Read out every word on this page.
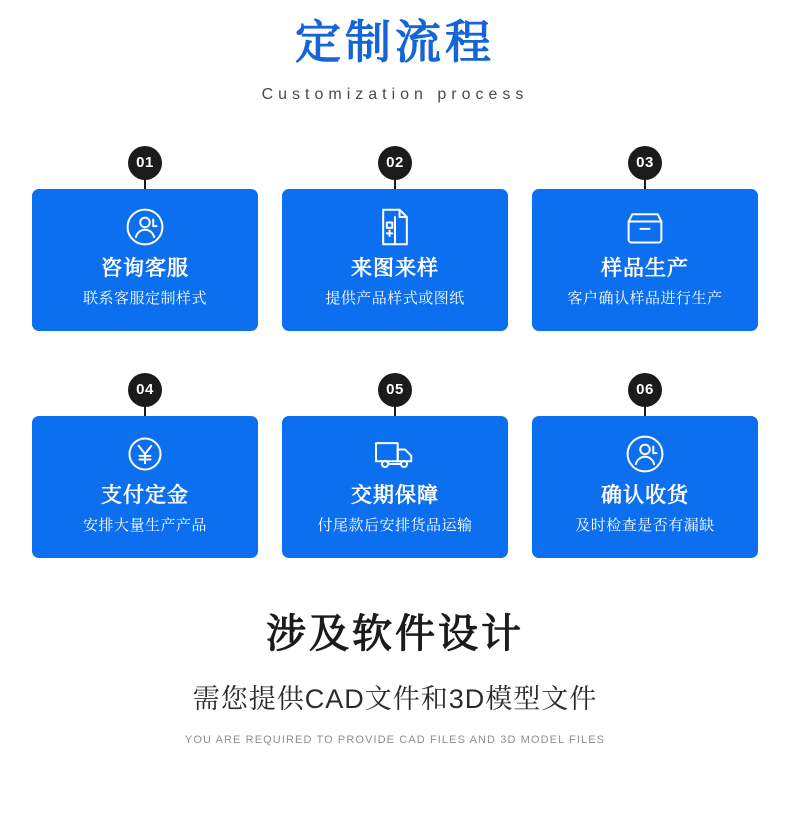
定制流程
Customization process
01
咨询客服
联系客服定制样式
02
来图来样
提供产品样式或图纸
03
样品生产
客户确认样品进行生产
04
支付定金
安排大量生产产品
05
交期保障
付尾款后安排货品运输
06
确认收货
及时检查是否有漏缺
涉及软件设计
需您提供CAD文件和3D模型文件
YOU ARE REQUIRED TO PROVIDE CAD FILES AND 3D MODEL FILES
